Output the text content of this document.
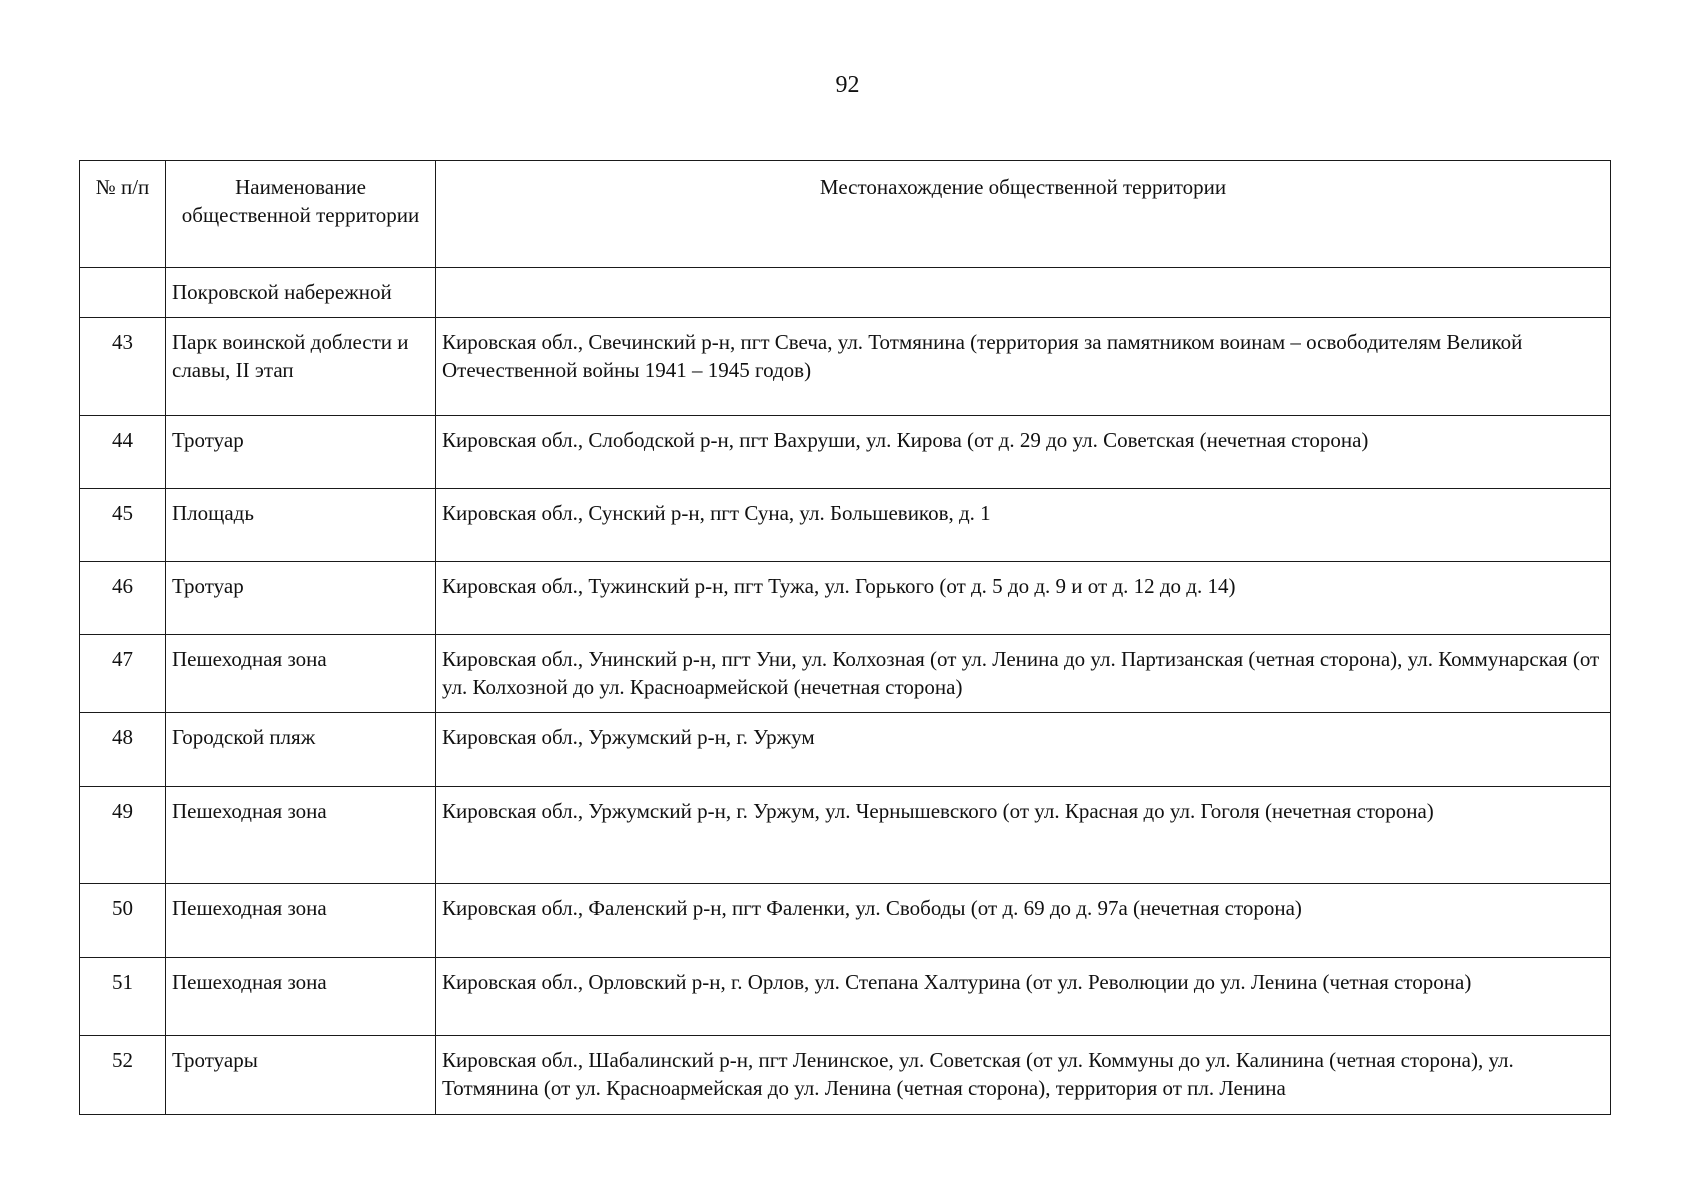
92
№ п/п	Наименование общественной территории	Местонахождение общественной территории
	Покровской набережной	
43	Парк воинской доблести и славы, II этап	Кировская обл., Свечинский р-н, пгт Свеча, ул. Тотмянина (территория за памятником воинам – освободителям Великой Отечественной войны 1941 – 1945 годов)
44	Тротуар	Кировская обл., Слободской р-н, пгт Вахруши, ул. Кирова (от д. 29 до ул. Советская (нечетная сторона)
45	Площадь	Кировская обл., Сунский р-н, пгт Суна, ул. Большевиков, д. 1
46	Тротуар	Кировская обл., Тужинский р-н, пгт Тужа, ул. Горького (от д. 5 до д. 9 и от д. 12 до д. 14)
47	Пешеходная зона	Кировская обл., Унинский р-н, пгт Уни, ул. Колхозная (от ул. Ленина до ул. Партизанская (четная сторона), ул. Коммунарская (от ул. Колхозной до ул. Красноармейской (нечетная сторона)
48	Городской пляж	Кировская обл., Уржумский р-н, г. Уржум
49	Пешеходная зона	Кировская обл., Уржумский р-н, г. Уржум, ул. Чернышевского (от ул. Красная до ул. Гоголя (нечетная сторона)
50	Пешеходная зона	Кировская обл., Фаленский р-н, пгт Фаленки, ул. Свободы (от д. 69 до д. 97а (нечетная сторона)
51	Пешеходная зона	Кировская обл., Орловский р-н, г. Орлов, ул. Степана Халтурина (от ул. Революции до ул. Ленина (четная сторона)
52	Тротуары	Кировская обл., Шабалинский р-н, пгт Ленинское, ул. Советская (от ул. Коммуны до ул. Калинина (четная сторона), ул. Тотмянина (от ул. Красноармейская до ул. Ленина (четная сторона), территория от пл. Ленина
